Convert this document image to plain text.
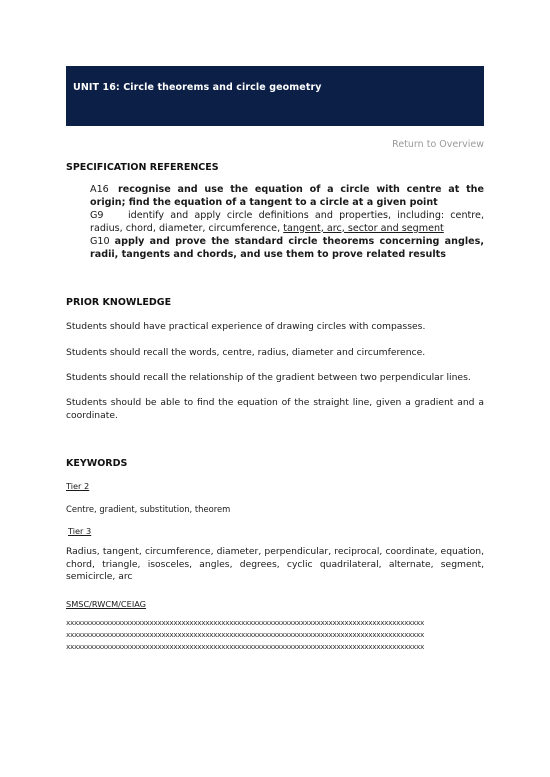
UNIT 16: Circle theorems and circle geometry
Return to Overview
SPECIFICATION REFERENCES
A16 recognise and use the equation of a circle with centre at the origin; find the equation of a tangent to a circle at a given point
G9	identify and apply circle definitions and properties, including: centre, radius, chord, diameter, circumference, tangent, arc, sector and segment
G10 apply and prove the standard circle theorems concerning angles, radii, tangents and chords, and use them to prove related results
PRIOR KNOWLEDGE
Students should have practical experience of drawing circles with compasses.
Students should recall the words, centre, radius, diameter and circumference.
Students should recall the relationship of the gradient between two perpendicular lines.
Students should be able to find the equation of the straight line, given a gradient and a coordinate.
KEYWORDS
Tier 2
Centre, gradient, substitution, theorem
Tier 3
Radius, tangent, circumference, diameter, perpendicular, reciprocal, coordinate, equation, chord, triangle, isosceles, angles, degrees, cyclic quadrilateral, alternate, segment, semicircle, arc
SMSC/RWCM/CEIAG
xxxxxxxxxxxxxxxxxxxxxxxxxxxxxxxxxxxxxxxxxxxxxxxxxxxxxxxxxxxxxxxxxxxxxxxxxxxxxxxxxxxxxxxxxx
xxxxxxxxxxxxxxxxxxxxxxxxxxxxxxxxxxxxxxxxxxxxxxxxxxxxxxxxxxxxxxxxxxxxxxxxxxxxxxxxxxxxxxxxxx
xxxxxxxxxxxxxxxxxxxxxxxxxxxxxxxxxxxxxxxxxxxxxxxxxxxxxxxxxxxxxxxxxxxxxxxxxxxxxxxxxxxxxxxxxx
